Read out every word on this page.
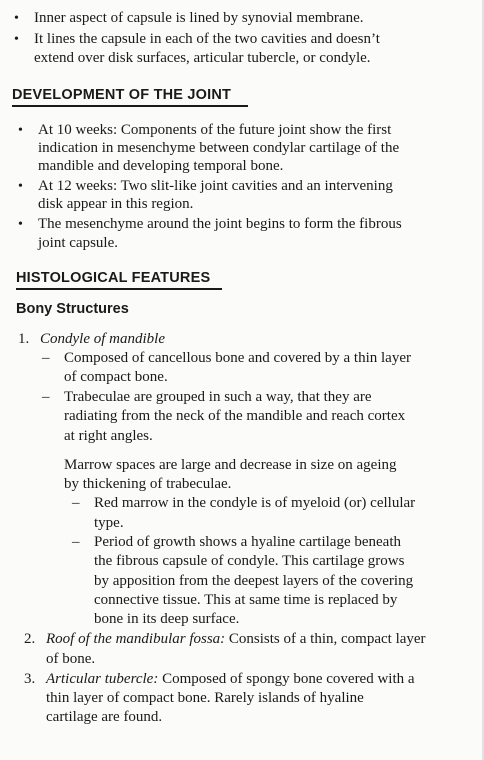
• Inner aspect of capsule is lined by synovial membrane.
• It lines the capsule in each of the two cavities and doesn’t
extend over disk surfaces, articular tubercle, or condyle.
DEVELOPMENT OF THE JOINT
• At 10 weeks: Components of the future joint show the first
indication in mesenchyme between condylar cartilage of the
mandible and developing temporal bone.
• At 12 weeks: Two slit-like joint cavities and an intervening
disk appear in this region.
• The mesenchyme around the joint begins to form the fibrous
joint capsule.
HISTOLOGICAL FEATURES
Bony Structures
1. Condyle of mandible
– Composed of cancellous bone and covered by a thin layer
of compact bone.
– Trabeculae are grouped in such a way, that they are
radiating from the neck of the mandible and reach cortex
at right angles.
Marrow spaces are large and decrease in size on ageing
by thickening of trabeculae.
– Red marrow in the condyle is of myeloid (or) cellular
type.
– Period of growth shows a hyaline cartilage beneath
the fibrous capsule of condyle. This cartilage grows
by apposition from the deepest layers of the covering
connective tissue. This at same time is replaced by
bone in its deep surface.
2. Roof of the mandibular fossa: Consists of a thin, compact layer
of bone.
3. Articular tubercle: Composed of spongy bone covered with a
thin layer of compact bone. Rarely islands of hyaline
cartilage are found.
